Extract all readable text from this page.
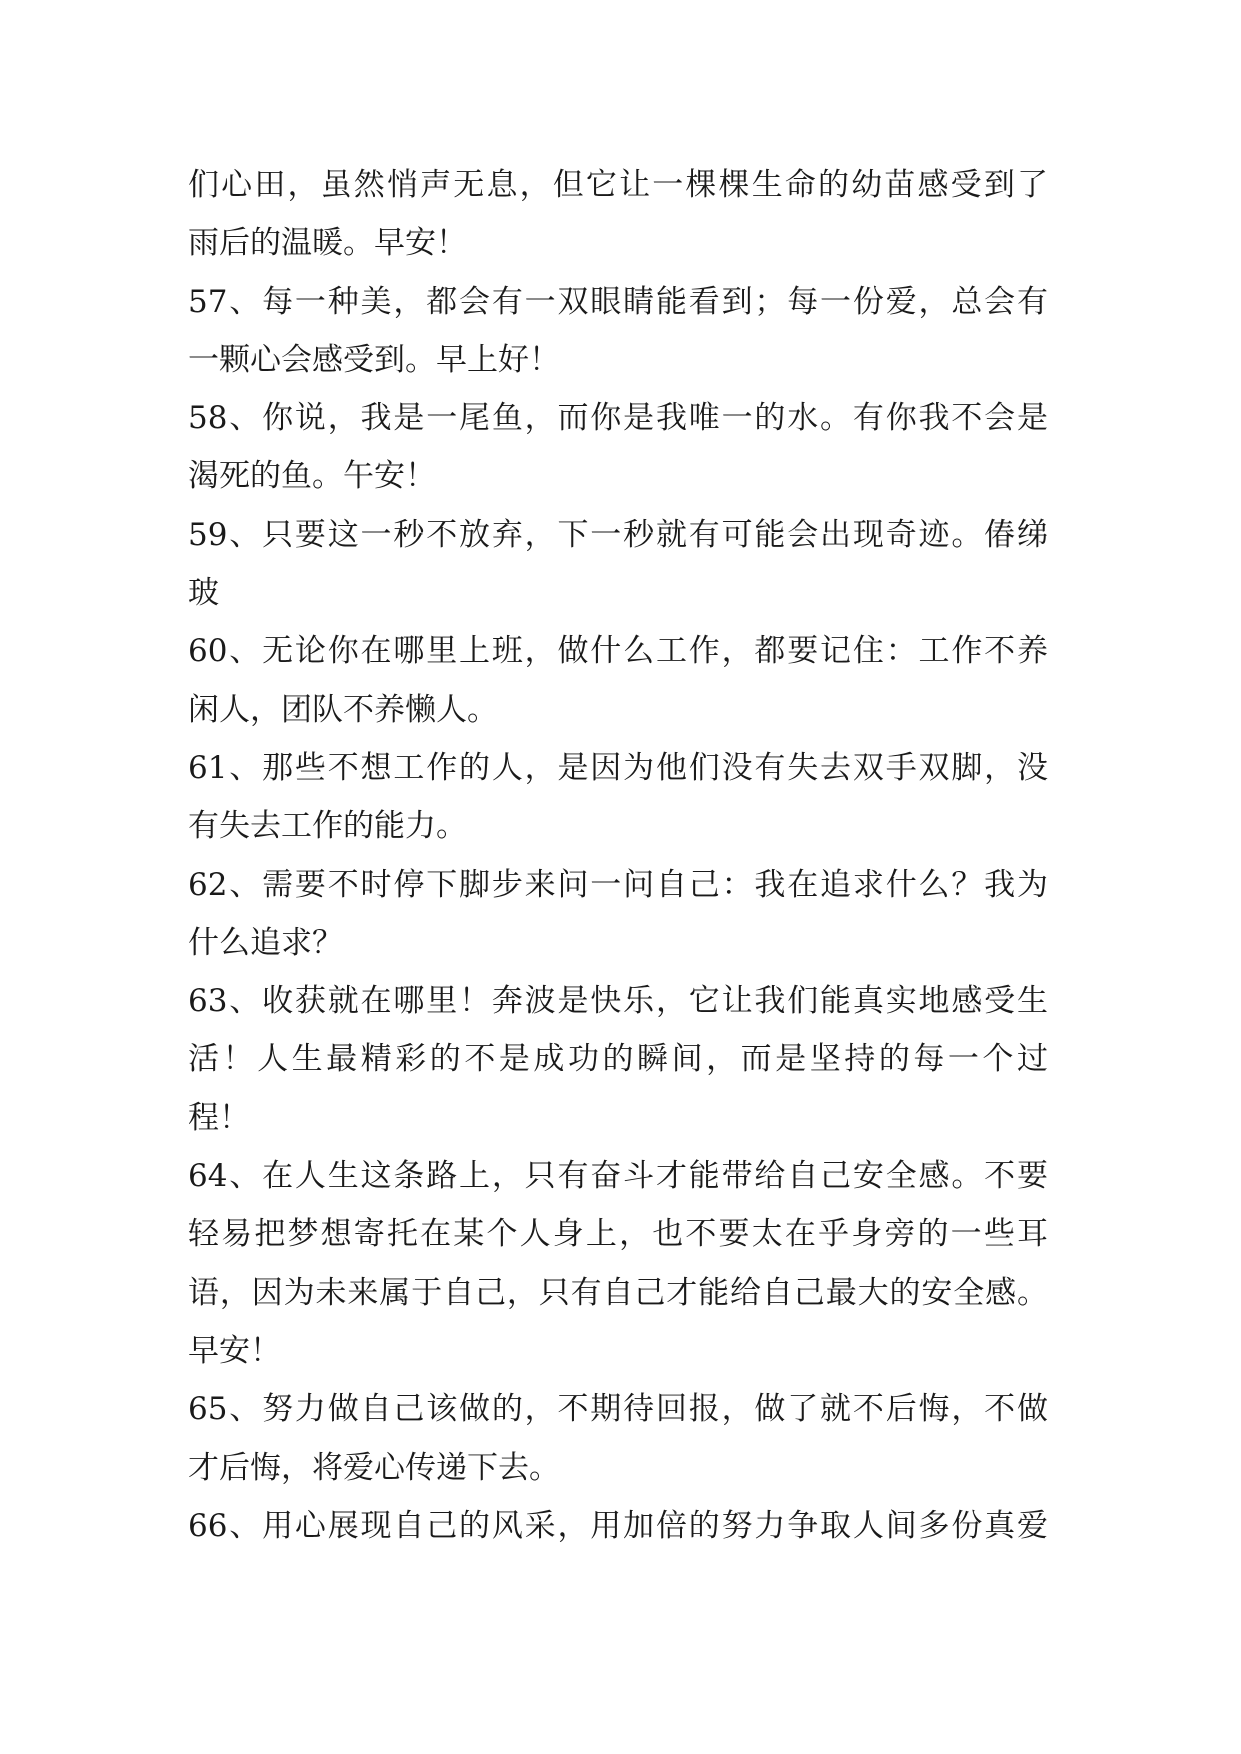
们心田，虽然悄声无息，但它让一棵棵生命的幼苗感受到了
雨后的温暖。早安！
57、每一种美，都会有一双眼睛能看到；每一份爱，总会有
一颗心会感受到。早上好！
58、你说，我是一尾鱼，而你是我唯一的水。有你我不会是
渴死的鱼。午安！
59、只要这一秒不放弃，下一秒就有可能会出现奇迹。偆绨
玻
60、无论你在哪里上班，做什么工作，都要记住：工作不养
闲人，团队不养懒人。
61、那些不想工作的人，是因为他们没有失去双手双脚，没
有失去工作的能力。
62、需要不时停下脚步来问一问自己：我在追求什么？我为
什么追求？
63、收获就在哪里！奔波是快乐，它让我们能真实地感受生
活！人生最精彩的不是成功的瞬间，而是坚持的每一个过
程！
64、在人生这条路上，只有奋斗才能带给自己安全感。不要
轻易把梦想寄托在某个人身上，也不要太在乎身旁的一些耳
语，因为未来属于自己，只有自己才能给自己最大的安全感。
早安！
65、努力做自己该做的，不期待回报，做了就不后悔，不做
才后悔，将爱心传递下去。
66、用心展现自己的风采，用加倍的努力争取人间多份真爱
